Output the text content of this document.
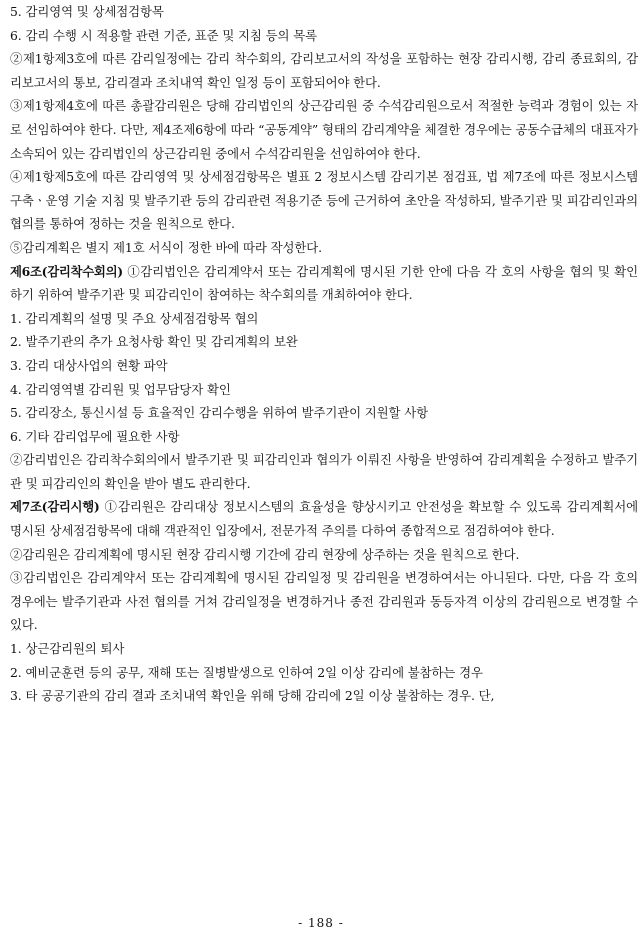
5. 감리영역 및 상세점검항목

6. 감리 수행 시 적용할 관련 기준, 표준 및 지침 등의 목록

②제1항제3호에 따른 감리일정에는 감리 착수회의, 감리보고서의 작성을 포함하는 현장 감리시행, 감리 종료회의, 감리보고서의 통보, 감리결과 조치내역 확인 일정 등이 포함되어야 한다.

③제1항제4호에 따른 총괄감리원은 당해 감리법인의 상근감리원 중 수석감리원으로서 적절한 능력과 경험이 있는 자로 선임하여야 한다. 다만, 제4조제6항에 따라 “공동계약” 형태의 감리계약을 체결한 경우에는 공동수급체의 대표자가 소속되어 있는 감리법인의 상근감리원 중에서 수석감리원을 선임하여야 한다.

④제1항제5호에 따른 감리영역 및 상세점검항목은 별표 2 정보시스템 감리기본 점검표, 법 제7조에 따른 정보시스템 구축ㆍ운영 기술 지침 및 발주기관 등의 감리관련 적용기준 등에 근거하여 초안을 작성하되, 발주기관 및 피감리인과의 협의를 통하여 정하는 것을 원칙으로 한다.

⑤감리계획은 별지 제1호 서식이 정한 바에 따라 작성한다.

제6조(감리착수회의) ①감리법인은 감리계약서 또는 감리계획에 명시된 기한 안에 다음 각 호의 사항을 협의 및 확인하기 위하여 발주기관 및 피감리인이 참여하는 착수회의를 개최하여야 한다.

1. 감리계획의 설명 및 주요 상세점검항목 협의

2. 발주기관의 추가 요청사항 확인 및 감리계획의 보완

3. 감리 대상사업의 현황 파악

4. 감리영역별 감리원 및 업무담당자 확인

5. 감리장소, 통신시설 등 효율적인 감리수행을 위하여 발주기관이 지원할 사항

6. 기타 감리업무에 필요한 사항

②감리법인은 감리착수회의에서 발주기관 및 피감리인과 협의가 이뤄진 사항을 반영하여 감리계획을 수정하고 발주기관 및 피감리인의 확인을 받아 별도 관리한다.

제7조(감리시행) ①감리원은 감리대상 정보시스템의 효율성을 향상시키고 안전성을 확보할 수 있도록 감리계획서에 명시된 상세점검항목에 대해 객관적인 입장에서, 전문가적 주의를 다하여 종합적으로 점검하여야 한다.

②감리원은 감리계획에 명시된 현장 감리시행 기간에 감리 현장에 상주하는 것을 원칙으로 한다.

③감리법인은 감리계약서 또는 감리계획에 명시된 감리일정 및 감리원을 변경하여서는 아니된다. 다만, 다음 각 호의 경우에는 발주기관과 사전 협의를 거쳐 감리일정을 변경하거나 종전 감리원과 동등자격 이상의 감리원으로 변경할 수 있다.

1. 상근감리원의 퇴사

2. 예비군훈련 등의 공무, 재해 또는 질병발생으로 인하여 2일 이상 감리에 불참하는 경우

3. 타 공공기관의 감리 결과 조치내역 확인을 위해 당해 감리에 2일 이상 불참하는 경우. 단,

- 188 -
